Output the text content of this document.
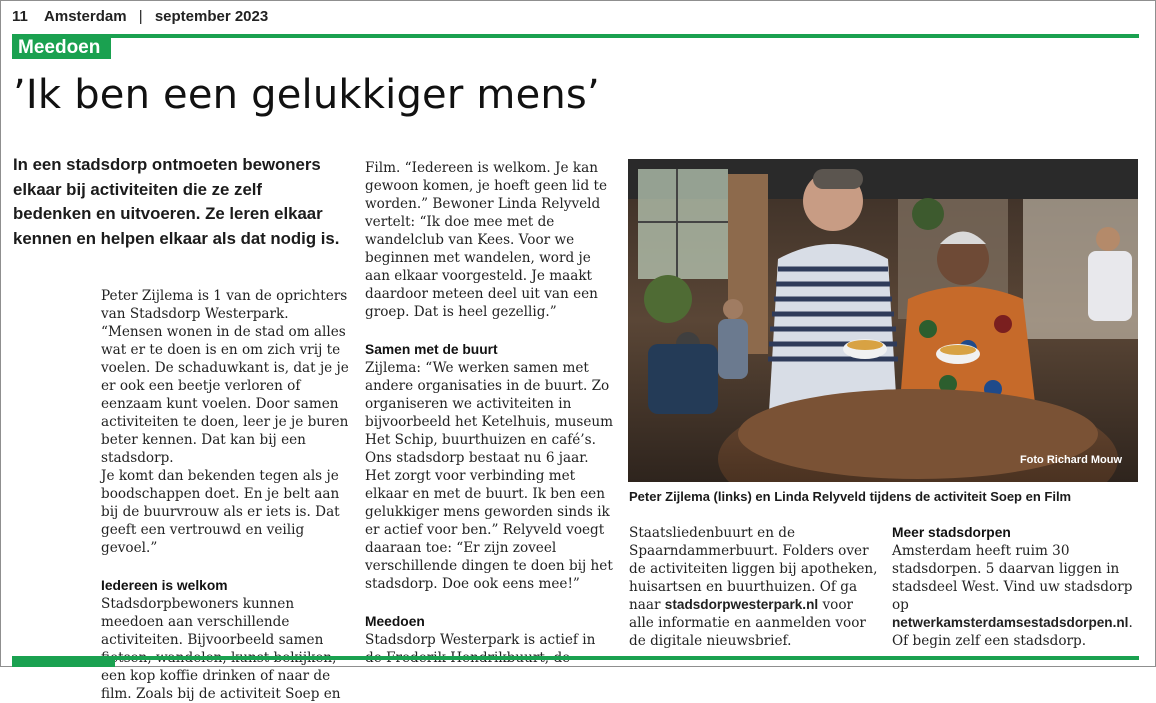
11 Amsterdam | september 2023
Meedoen
’Ik ben een gelukkiger mens’
In een stadsdorp ontmoeten bewoners elkaar bij activiteiten die ze zelf bedenken en uitvoeren. Ze leren elkaar kennen en helpen elkaar als dat nodig is.

Peter Zijlema is 1 van de oprichters van Stadsdorp Westerpark. “Mensen wonen in de stad om alles wat er te doen is en om zich vrij te voelen. De schaduwkant is, dat je je er ook een beetje verloren of eenzaam kunt voelen. Door samen activiteiten te doen, leer je je buren beter kennen. Dat kan bij een stadsdorp.

Je komt dan bekenden tegen als je boodschappen doet. En je belt aan bij de buurvrouw als er iets is. Dat geeft een vertrouwd en veilig gevoel.”

Iedereen is welkom

Stadsdorpbewoners kunnen meedoen aan verschillende activiteiten. Bijvoorbeeld samen een kop koffie drinken of naar de film. Zoals bij de activiteit Soep en

Film. “Iedereen is welkom. Je kan gewoon komen, je hoeft geen lid te worden.” Bewoner Linda Relyveld vertelt: “Ik doe mee met de wandelclub van Kees. Voor we beginnen met wandelen, word je aan elkaar voorgesteld. Je maakt daardoor meteen deel uit van een groep. Dat is heel gezellig.”

Samen met de buurt

Zijlema: “We werken samen met andere organisaties in de buurt. Zo organiseren we activiteiten in bijvoorbeeld het Ketelhuis, museum Het Schip, buurthuizen en café’s. Ons stadsdorp bestaat nu 6 jaar. Het zorgt voor verbinding met elkaar en met de buurt. Ik ben een gelukkiger mens geworden sinds ik er actief voor ben.” Relyveld voegt daaraan toe: “Er zijn zoveel verschillende dingen te doen bij het stadsdorp. Doe ook eens mee!”

Meedoen

Stadsdorp Westerpark is actief in

Foto Richard Mouw
Peter Zijlema (links) en Linda Relyveld tijdens de activiteit Soep en Film

Staatsliedenbuurt en de Spaarndammerbuurt. Folders over de activiteiten liggen bij apotheken, huisartsen en buurthuizen. Of ga naar stadsdorpwesterpark.nl voor alle informatie en aanmelden voor de digitale nieuwsbrief.

Meer stadsdorpen

Amsterdam heeft ruim 30 stadsdorpen. 5 daarvan liggen in stadsdeel West. Vind uw stadsdorp op
netwerkamsterdamsestadsdorpen.nl.
Of begin zelf een stadsdorp.
